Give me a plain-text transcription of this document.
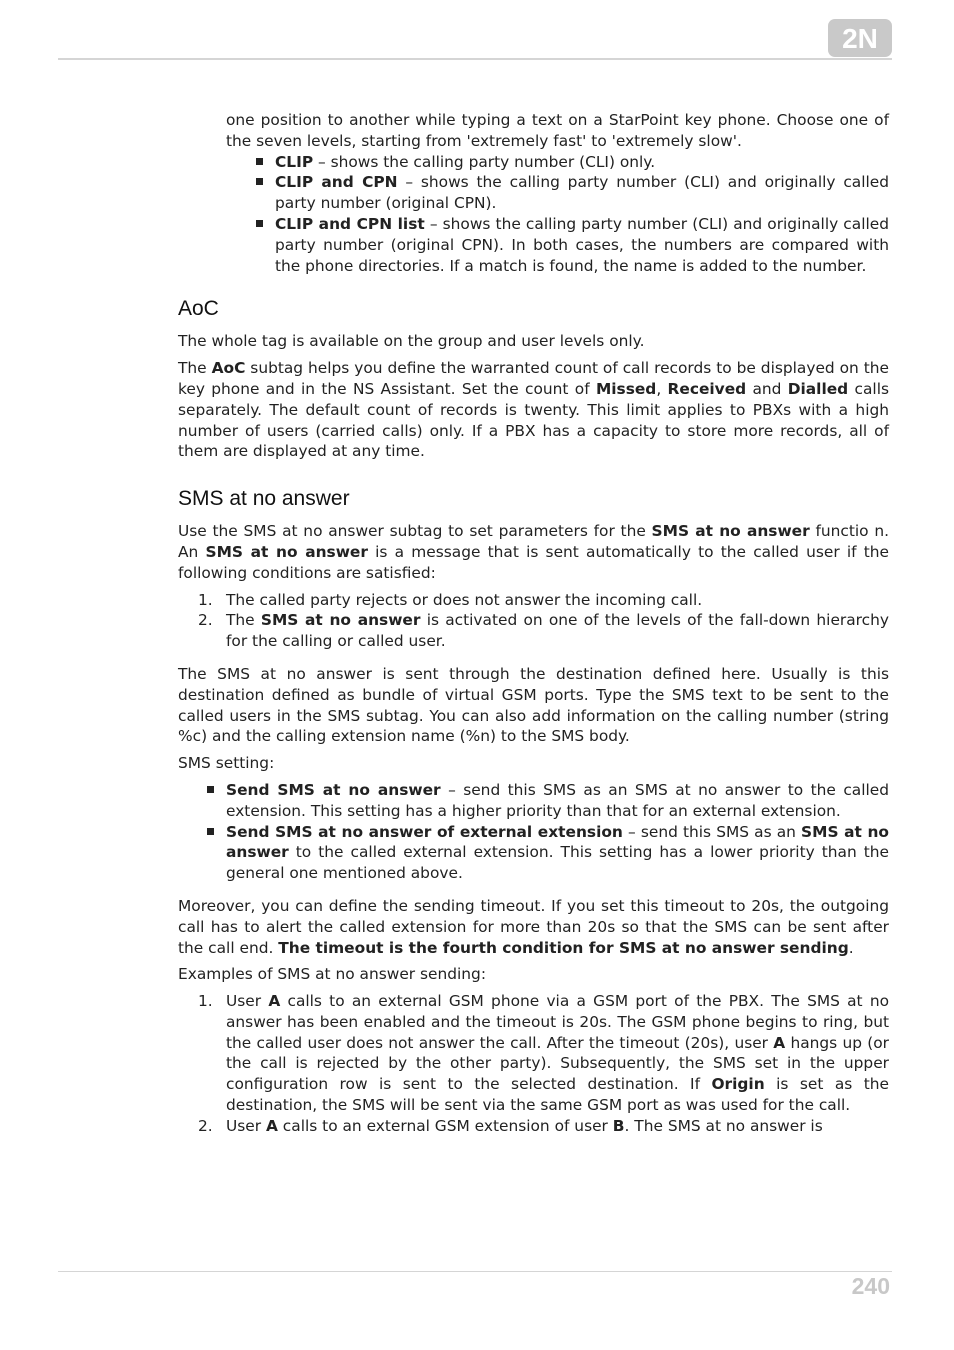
2N

one position to another while typing a text on a StarPoint key phone. Choose one of the seven levels, starting from 'extremely fast' to 'extremely slow'.

CLIP – shows the calling party number (CLI) only.
CLIP and CPN – shows the calling party number (CLI) and originally called party number (original CPN).
CLIP and CPN list – shows the calling party number (CLI) and originally called party number (original CPN). In both cases, the numbers are compared with the phone directories. If a match is found, the name is added to the number.
AoC

The whole tag is available on the group and user levels only.

The AoC subtag helps you define the warranted count of call records to be displayed on the key phone and in the NS Assistant. Set the count of Missed, Received and Dialled calls separately. The default count of records is twenty. This limit applies to PBXs with a high number of users (carried calls) only. If a PBX has a capacity to store more records, all of them are displayed at any time.

SMS at no answer

Use the SMS at no answer subtag to set parameters for the SMS at no answer functio n. An SMS at no answer is a message that is sent automatically to the called user if the following conditions are satisfied:

1. The called party rejects or does not answer the incoming call.
2. The SMS at no answer is activated on one of the levels of the fall-down hierarchy for the calling or called user.

The SMS at no answer is sent through the destination defined here. Usually is this destination defined as bundle of virtual GSM ports. Type the SMS text to be sent to the called users in the SMS subtag. You can also add information on the calling number (string %c) and the calling extension name (%n) to the SMS body.

SMS setting:

Send SMS at no answer – send this SMS as an SMS at no answer to the called extension. This setting has a higher priority than that for an external extension.
Send SMS at no answer of external extension – send this SMS as an SMS at no answer to the called external extension. This setting has a lower priority than the general one mentioned above.

Moreover, you can define the sending timeout. If you set this timeout to 20s, the outgoing call has to alert the called extension for more than 20s so that the SMS can be sent after the call end. The timeout is the fourth condition for SMS at no answer sending.

Examples of SMS at no answer sending:

1. User A calls to an external GSM phone via a GSM port of the PBX. The SMS at no answer has been enabled and the timeout is 20s. The GSM phone begins to ring, but the called user does not answer the call. After the timeout (20s), user A hangs up (or the call is rejected by the other party). Subsequently, the SMS set in the upper configuration row is sent to the selected destination. If Origin is set as the destination, the SMS will be sent via the same GSM port as was used for the call.
2. User A calls to an external GSM extension of user B. The SMS at no answer is
240
